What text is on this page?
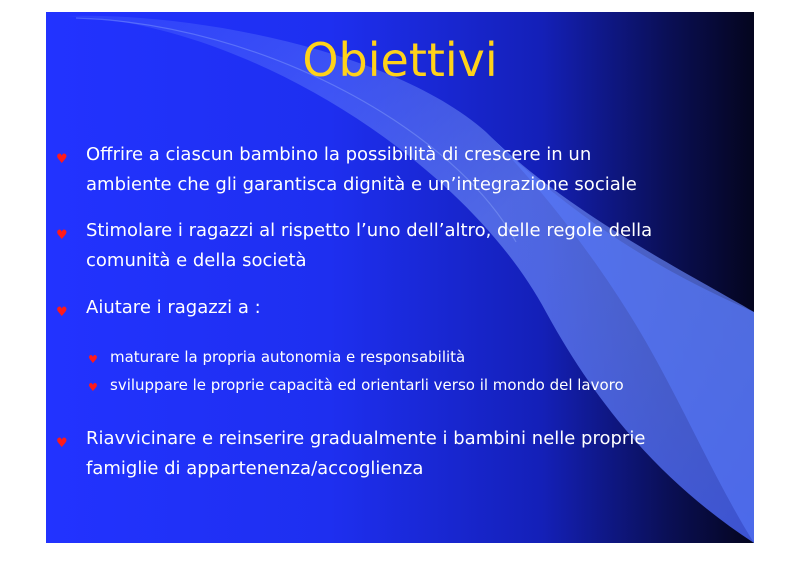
Obiettivi
♥ Offrire a ciascun bambino la possibilità di crescere in un
ambiente che gli garantisca dignità e un’integrazione sociale
♥ Stimolare i ragazzi al rispetto l’uno dell’altro, delle regole della
comunità e della società
♥ Aiutare i ragazzi a :
♥ maturare la propria autonomia e responsabilità
♥ sviluppare le proprie capacità ed orientarli verso il mondo del lavoro
♥ Riavvicinare e reinserire gradualmente i bambini nelle proprie
famiglie di appartenenza/accoglienza
